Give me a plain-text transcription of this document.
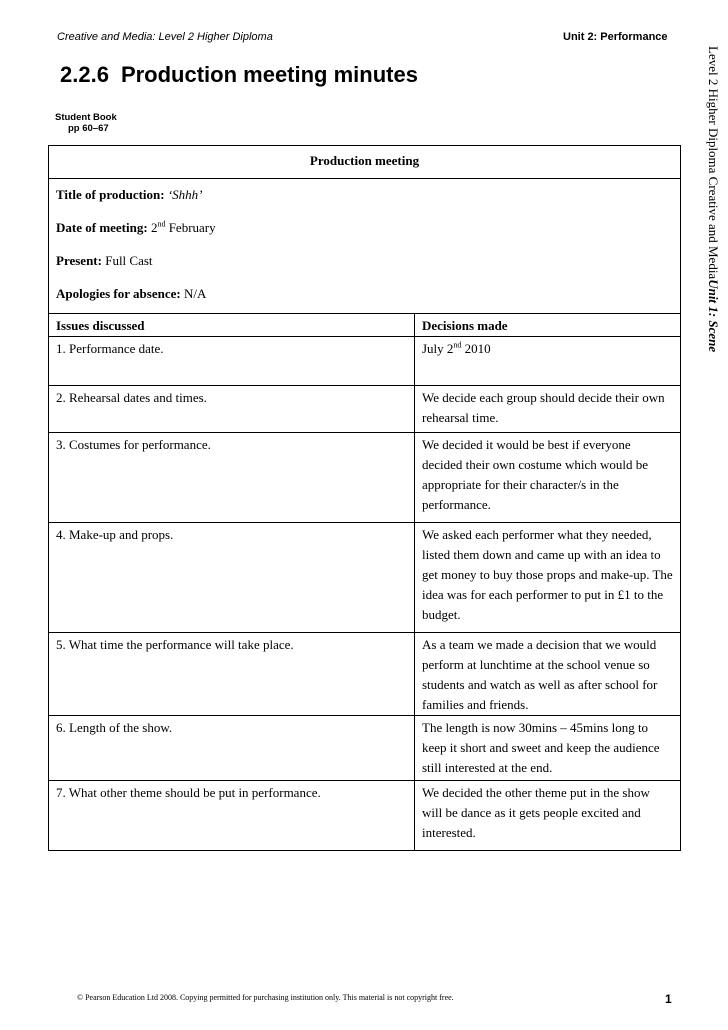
Creative and Media: Level 2 Higher Diploma	Unit 2: Performance
Level 2 Higher Diploma Creative and MediaUnit 1: Scene
2.2.6 Production meeting minutes
Student Book
pp 60–67
Production meeting	

Title of production: ‘Shhh’
Date of meeting: 2nd February
Present: Full Cast
Apologies for absence: N/A	

Issues discussed	Decisions made
1. Performance date.	July 2nd 2010
2. Rehearsal dates and times.	We decide each group should decide their own rehearsal time.
3. Costumes for performance.	We decided it would be best if everyone decided their own costume which would be appropriate for their character/s in the performance.
4. Make-up and props.	We asked each performer what they needed, listed them down and came up with an idea to get money to buy those props and make-up. The idea was for each performer to put in £1 to the budget.
5. What time the performance will take place.	As a team we made a decision that we would perform at lunchtime at the school venue so students and watch as well as after school for families and friends.
6. Length of the show.	The length is now 30mins – 45mins long to keep it short and sweet and keep the audience still interested at the end.
7. What other theme should be put in performance.	We decided the other theme put in the show will be dance as it gets people excited and interested.
© Pearson Education Ltd 2008. Copying permitted for purchasing institution only. This material is not copyright free.	1
